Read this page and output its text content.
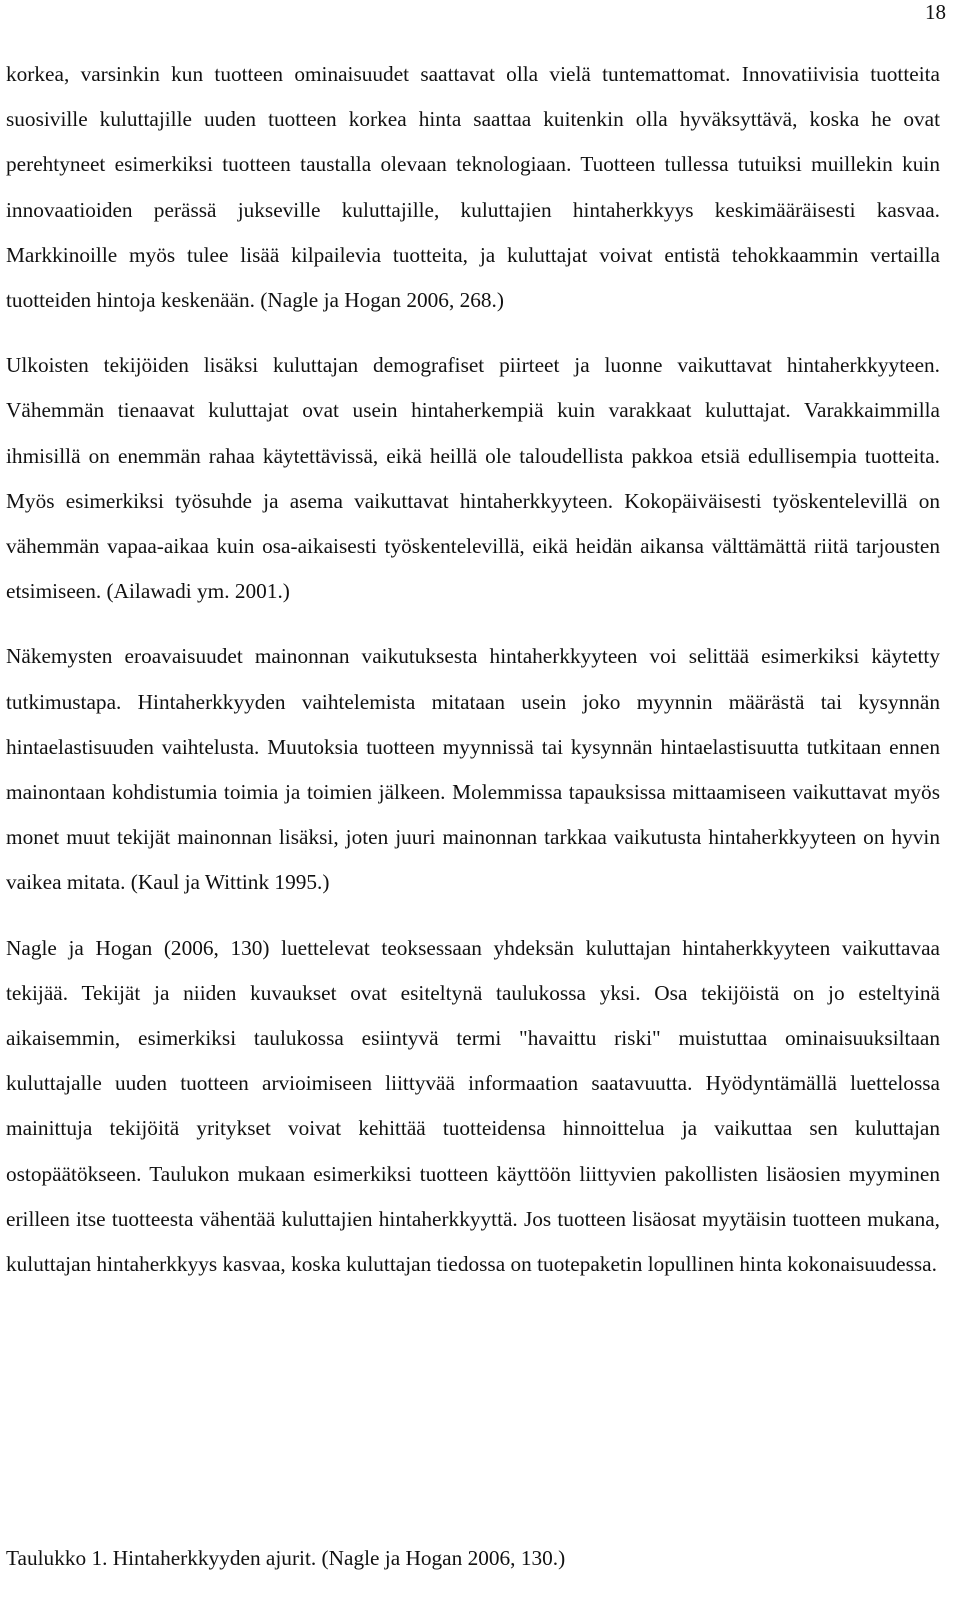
18

korkea, varsinkin kun tuotteen ominaisuudet saattavat olla vielä tuntemattomat. Innovatiivisia tuotteita suosiville kuluttajille uuden tuotteen korkea hinta saattaa kuitenkin olla hyväksyttävä, koska he ovat perehtyneet esimerkiksi tuotteen taustalla olevaan teknologiaan. Tuotteen tullessa tutuiksi muillekin kuin innovaatioiden perässä jukseville kuluttajille, kuluttajien hintaherkkyys keskimääräisesti kasvaa. Markkinoille myös tulee lisää kilpailevia tuotteita, ja kuluttajat voivat entistä tehokkaammin vertailla tuotteiden hintoja keskenään. (Nagle ja Hogan 2006, 268.)

Ulkoisten tekijöiden lisäksi kuluttajan demografiset piirteet ja luonne vaikuttavat hintaherkkyyteen. Vähemmän tienaavat kuluttajat ovat usein hintaherkempiä kuin varakkaat kuluttajat. Varakkaimmilla ihmisillä on enemmän rahaa käytettävissä, eikä heillä ole taloudellista pakkoa etsiä edullisempia tuotteita. Myös esimerkiksi työsuhde ja asema vaikuttavat hintaherkkyyteen. Kokopäiväisesti työskentelevillä on vähemmän vapaa-aikaa kuin osa-aikaisesti työskentelevillä, eikä heidän aikansa välttämättä riitä tarjousten etsimiseen. (Ailawadi ym. 2001.)

Näkemysten eroavaisuudet mainonnan vaikutuksesta hintaherkkyyteen voi selittää esimerkiksi käytetty tutkimustapa. Hintaherkkyyden vaihtelemista mitataan usein joko myynnin määrästä tai kysynnän hintaelastisuuden vaihtelusta. Muutoksia tuotteen myynnissä tai kysynnän hintaelastisuutta tutkitaan ennen mainontaan kohdistumia toimia ja toimien jälkeen. Molemmissa tapauksissa mittaamiseen vaikuttavat myös monet muut tekijät mainonnan lisäksi, joten juuri mainonnan tarkkaa vaikutusta hintaherkkyyteen on hyvin vaikea mitata. (Kaul ja Wittink 1995.)

Nagle ja Hogan (2006, 130) luettelevat teoksessaan yhdeksän kuluttajan hintaherkkyyteen vaikuttavaa tekijää. Tekijät ja niiden kuvaukset ovat esiteltynä taulukossa yksi. Osa tekijöistä on jo esteltyinä aikaisemmin, esimerkiksi taulukossa esiintyvä termi "havaittu riski" muistuttaa ominaisuuksiltaan kuluttajalle uuden tuotteen arvioimiseen liittyvää informaation saatavuutta. Hyödyntämällä luettelossa mainittuja tekijöitä yritykset voivat kehittää tuotteidensa hinnoittelua ja vaikuttaa sen kuluttajan ostopäätökseen. Taulukon mukaan esimerkiksi tuotteen käyttöön liittyvien pakollisten lisäosien myyminen erilleen itse tuotteesta vähentää kuluttajien hintaherkkyyttä. Jos tuotteen lisäosat myytäisin tuotteen mukana, kuluttajan hintaherkkyys kasvaa, koska kuluttajan tiedossa on tuotepaketin lopullinen hinta kokonaisuudessa.

Taulukko 1. Hintaherkkyyden ajurit. (Nagle ja Hogan 2006, 130.)
